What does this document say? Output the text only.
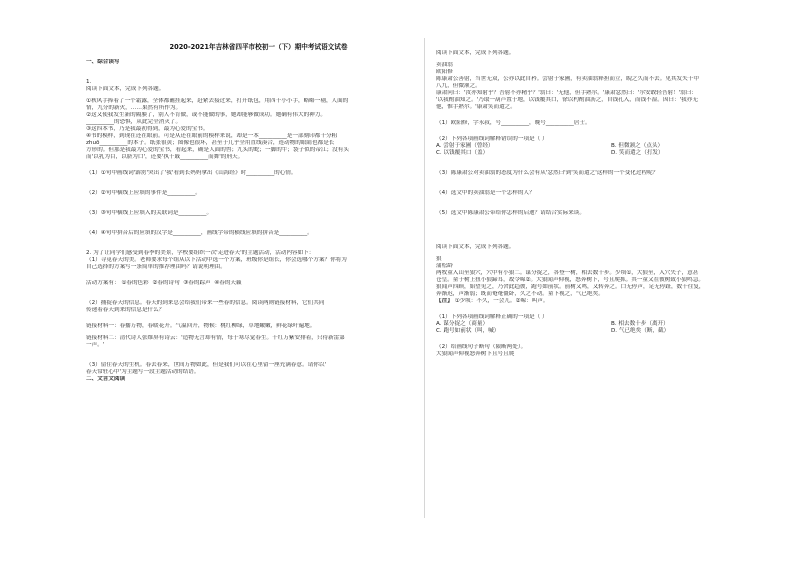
2020-2021年吉林省四平市校初一（下）期中考试语文试卷

一、综合读写

1.

阅读下面文本，完成下列各题。

①秋风手捧着了一个霜露，全体都蘸挂起来，赶紧去接过来，打开纸包，用四十小小手，略略一剔，人面的

情，九分的新火，……果然有所作为。

②这又使我发生新的隔膜了，别人不肯做，或不能做的事，她却能够做成功。她确有伟大的神力。

__________的恐惧，从此完全消灭了。

③这四本书，乃是我最初得到，最为心爱的宝书。

④书的模样，到现在还在眼前。可是从还在眼前的模样来说，却是一本__________是一部刻印都十分粗

zhuō__________的本子。纸张很黄；图像也很坏，甚至于几乎全用直线凑合，连动物的眼睛也都是长

方形的。但那是我最为心爱的宝书，看起来，确是人面的兽；九头的蛇；一脚的牛；袋子似的帝江；没有头

而'以乳为目，以脐为口'，还要'执干戚__________而舞'的刑天。

（1）①句中画线词'霹雳'突出了'我'看到长妈妈拿出《山海经》时__________的心情。

（2）②句中横线上应填的事件是__________。

（3）③句中横线上应填入的关联词是__________。

（4）④句中拼音后的应填的汉字是__________，画线字带的横线应填的拼音是__________。

2. 为了让同学们感受到春季的美景，学校要组织一次'走进春天'的主题活动，活动内容如下：

（1）寻觅春天的美。老师要求每个组从以下活动中选一个方案，班级你是组长，你会选哪个方案？你将为

自己选择的方案写一条简单的推荐理由吗？请说明理由。

活动方案有： ①春的色彩 ②春的诗句 ③春的踪声 ④春的天籁

（2）捕捉春天的信息。春天的到来总会给我们带来一些春的信息。阅读两则链接材料，它们共同

传递着春天到来的信息是什么？

链接材料一：春播万物，春暖花开。气温回升，物候：桃红柳绿，草地嫩嫩，鲜花绿叶遍地。

链接材料二：清代诗人张维屏有诗云：'造物无言却有情，每于寒尽觉春生。千红万紫安排着，只待新雷第

一声。'

（3）留住春天的生机。春去春来，世间万物如此，但是我们可以在心里留一座充满春意。请你以'

春天常驻心中'为主题写一段主题活动的结语。

二、文言文阅读

阅读下面文本，完成下列各题。

卖油翁

欧阳修

陈康肃公善射，当世无双，公亦以此自矜。尝射于家圃，有卖油翁释担而立，睨之久而不去。见其发矢十中

八九，但微颔之。

康肃问曰：'汝亦知射乎？吾射不亦精乎？'翁曰：'无他，但手熟尔。'康肃忿然曰：'尔安敢轻吾射！'翁曰：

'以我酌油知之。'乃取一葫芦置于地，以钱覆其口，徐以杓酌油沥之，自钱孔入，而钱不湿。因曰：'我亦无

他，惟手熟尔。'康肃笑而遣之。

（1）欧阳修，字永叔，号__________，晚号__________居士。

（2）下列各项画线词解释错误的一项是（ ）

A. 尝射于家圃（曾经）	B. 但微颔之（点头）
C. 以钱覆其口（盖）	D. 笑而遣之（打发）

（3）陈康肃公对卖油翁的态度为什么会有从'忿然曰'到'笑而遣之'这样的一个变化过程呢？

（4）选文中的卖油翁是一个怎样的人？

（5）选文中陈康肃公带给你怎样的启迪？请结合实际来谈。

阅读下面文本，完成下列各题。

狼

蒲松龄

两牧童入山至狼穴，穴中有小狼二。谋分捉之，各登一树，相去数十步。少顷①，大狼至，入穴失子，意甚

仓皇。童于树上扭小狼蹄耳，故令嗥②。大狼闻声仰视，怒奔树下，号且爬抓。其一童又在彼树致小狼鸣急。

狼闻声四顾，始望见之，乃舍此趋彼，跑号如前状。前树又鸣，又转奔之。口无停声，足无停趾，数十往复，

奔渐迟，声渐弱；既而奄奄僵卧，久之不动。童下视之，气已绝矣。

【注】 ①少顷：不久，一会儿。②嗥：叫声。

（1）下列各项画线词解释正确的一项是（ ）

A. 谋分捉之（商量）	B. 相去数十步（离开）
C. 跑号如前状（叫，喊）	D. 气已绝矣（断，截）

（2）给画线句子断句（限断两处）。

大狼闻声仰视怒奔树下且号且爬
